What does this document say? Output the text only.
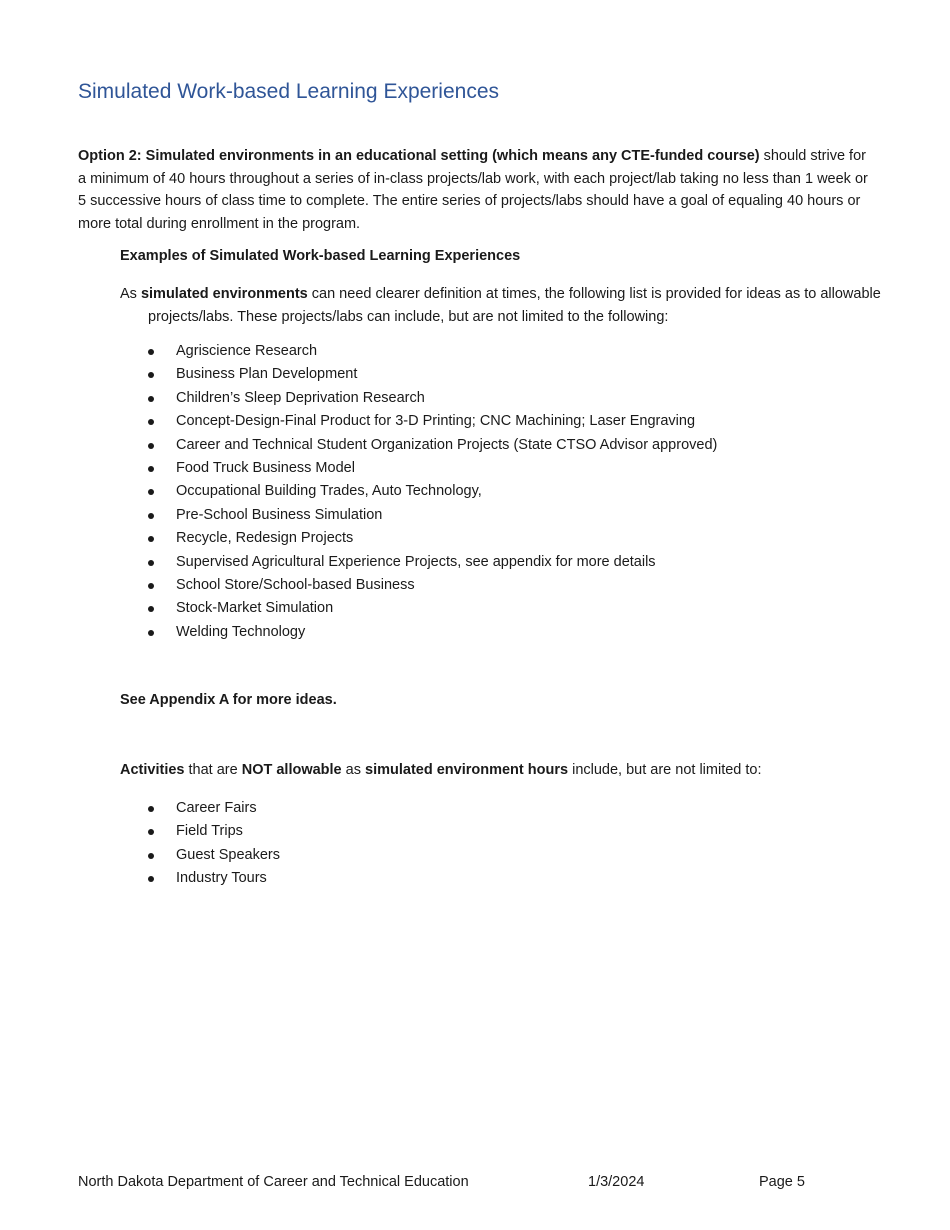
Simulated Work-based Learning Experiences

Option 2: Simulated environments in an educational setting (which means any CTE-funded course) should strive for a minimum of 40 hours throughout a series of in-class projects/lab work, with each project/lab taking no less than 1 week or 5 successive hours of class time to complete. The entire series of projects/labs should have a goal of equaling 40 hours or more total during enrollment in the program.

Examples of Simulated Work-based Learning Experiences

As simulated environments can need clearer definition at times, the following list is provided for ideas as to allowable projects/labs. These projects/labs can include, but are not limited to the following:

Agriscience Research
Business Plan Development
Children’s Sleep Deprivation Research
Concept-Design-Final Product for 3-D Printing; CNC Machining; Laser Engraving
Career and Technical Student Organization Projects (State CTSO Advisor approved)
Food Truck Business Model
Occupational Building Trades, Auto Technology,
Pre-School Business Simulation
Recycle, Redesign Projects
Supervised Agricultural Experience Projects, see appendix for more details
School Store/School-based Business
Stock-Market Simulation
Welding Technology

See Appendix A for more ideas.

Activities that are NOT allowable as simulated environment hours include, but are not limited to:

Career Fairs
Field Trips
Guest Speakers
Industry Tours
North Dakota Department of Career and Technical Education	1/3/2024	Page 5
